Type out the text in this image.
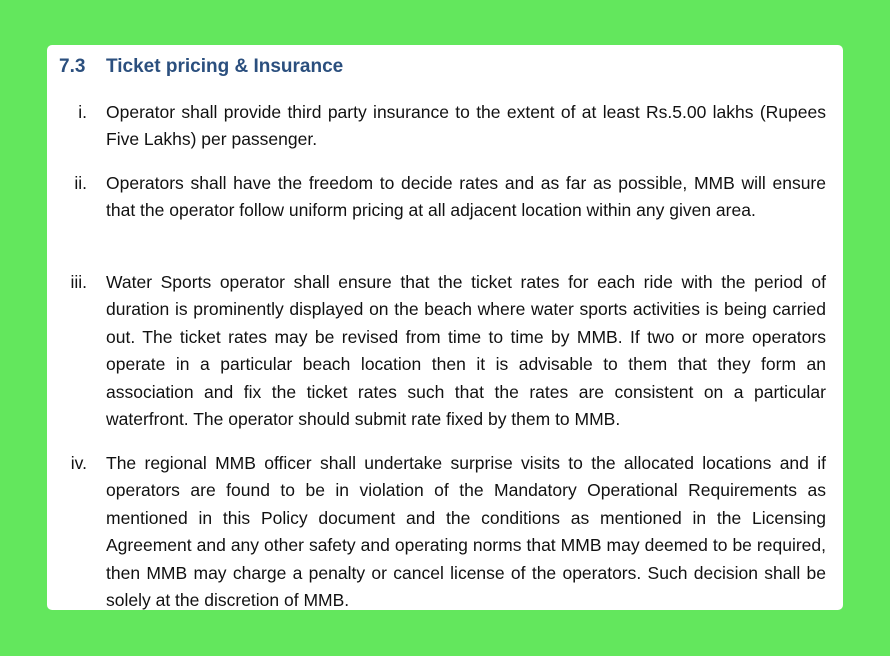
7.3 Ticket pricing & Insurance
i. Operator shall provide third party insurance to the extent of at least Rs.5.00 lakhs (Rupees Five Lakhs) per passenger.

ii. Operators shall have the freedom to decide rates and as far as possible, MMB will ensure that the operator follow uniform pricing at all adjacent location within any given area.

iii. Water Sports operator shall ensure that the ticket rates for each ride with the period of duration is prominently displayed on the beach where water sports activities is being carried out. The ticket rates may be revised from time to time by MMB. If two or more operators operate in a particular beach location then it is advisable to them that they form an association and fix the ticket rates such that the rates are consistent on a particular waterfront. The operator should submit rate fixed by them to MMB.

iv. The regional MMB officer shall undertake surprise visits to the allocated locations and if operators are found to be in violation of the Mandatory Operational Requirements as mentioned in this Policy document and the conditions as mentioned in the Licensing Agreement and any other safety and operating norms that MMB may deemed to be required, then MMB may charge a penalty or cancel license of the operators. Such decision shall be solely at the discretion of MMB.
